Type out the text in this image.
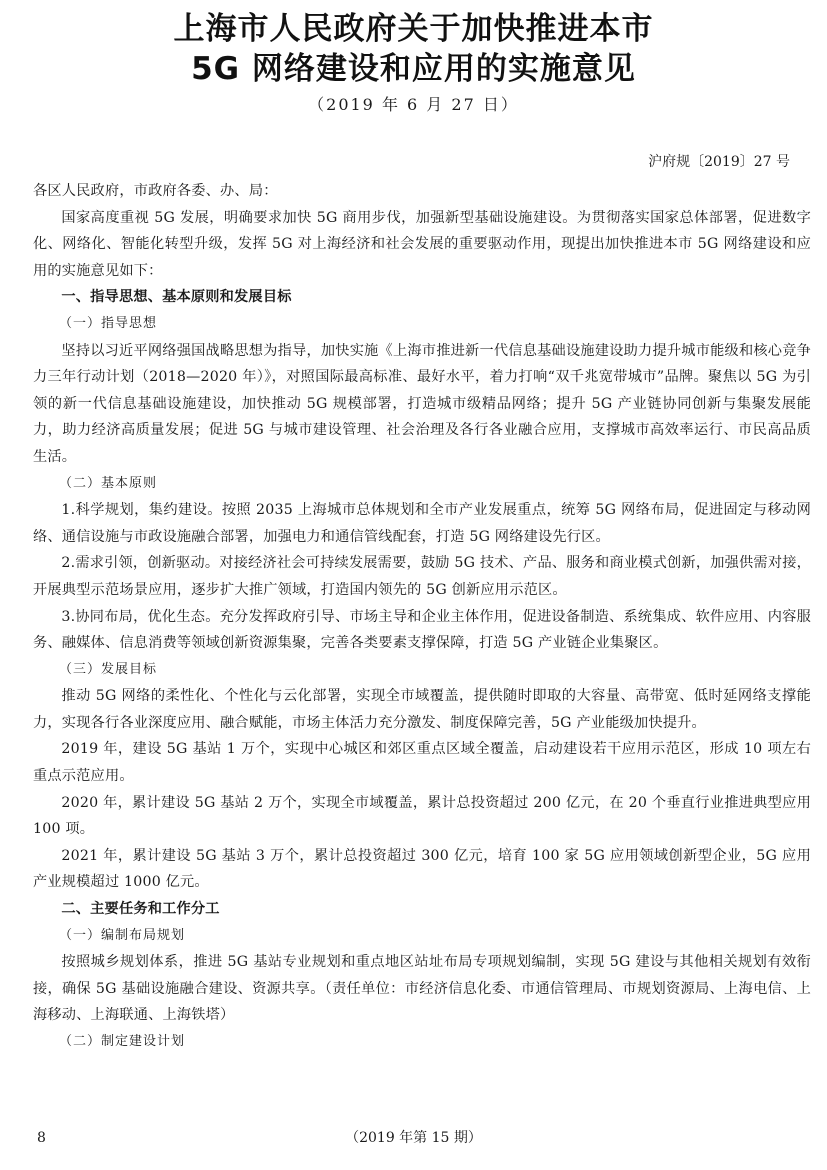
上海市人民政府关于加快推进本市
5G 网络建设和应用的实施意见
（2019 年 6 月 27 日）
沪府规〔2019〕27 号

各区人民政府，市政府各委、办、局：

国家高度重视 5G 发展，明确要求加快 5G 商用步伐，加强新型基础设施建设。为贯彻落实国家总体部署，促进数字化、网络化、智能化转型升级，发挥 5G 对上海经济和社会发展的重要驱动作用，现提出加快推进本市 5G 网络建设和应用的实施意见如下：

一、指导思想、基本原则和发展目标

（一）指导思想

坚持以习近平网络强国战略思想为指导，加快实施《上海市推进新一代信息基础设施建设助力提升城市能级和核心竞争力三年行动计划（2018—2020 年）》，对照国际最高标准、最好水平，着力打响“双千兆宽带城市”品牌。聚焦以 5G 为引领的新一代信息基础设施建设，加快推动 5G 规模部署，打造城市级精品网络；提升 5G 产业链协同创新与集聚发展能力，助力经济高质量发展；促进 5G 与城市建设管理、社会治理及各行各业融合应用，支撑城市高效率运行、市民高品质生活。

（二）基本原则

1.科学规划，集约建设。按照 2035 上海城市总体规划和全市产业发展重点，统筹 5G 网络布局，促进固定与移动网络、通信设施与市政设施融合部署，加强电力和通信管线配套，打造 5G 网络建设先行区。

2.需求引领，创新驱动。对接经济社会可持续发展需要，鼓励 5G 技术、产品、服务和商业模式创新，加强供需对接，开展典型示范场景应用，逐步扩大推广领域，打造国内领先的 5G 创新应用示范区。

3.协同布局，优化生态。充分发挥政府引导、市场主导和企业主体作用，促进设备制造、系统集成、软件应用、内容服务、融媒体、信息消费等领域创新资源集聚，完善各类要素支撑保障，打造 5G 产业链企业集聚区。

（三）发展目标

推动 5G 网络的柔性化、个性化与云化部署，实现全市域覆盖，提供随时即取的大容量、高带宽、低时延网络支撑能力，实现各行各业深度应用、融合赋能，市场主体活力充分激发、制度保障完善，5G 产业能级加快提升。

2019 年，建设 5G 基站 1 万个，实现中心城区和郊区重点区域全覆盖，启动建设若干应用示范区，形成 10 项左右重点示范应用。

2020 年，累计建设 5G 基站 2 万个，实现全市域覆盖，累计总投资超过 200 亿元，在 20 个垂直行业推进典型应用 100 项。

2021 年，累计建设 5G 基站 3 万个，累计总投资超过 300 亿元，培育 100 家 5G 应用领域创新型企业，5G 应用产业规模超过 1000 亿元。

二、主要任务和工作分工

（一）编制布局规划

按照城乡规划体系，推进 5G 基站专业规划和重点地区站址布局专项规划编制，实现 5G 建设与其他相关规划有效衔接，确保 5G 基础设施融合建设、资源共享。（责任单位：市经济信息化委、市通信管理局、市规划资源局、上海电信、上海移动、上海联通、上海铁塔）

（二）制定建设计划

8	（2019 年第 15 期）
